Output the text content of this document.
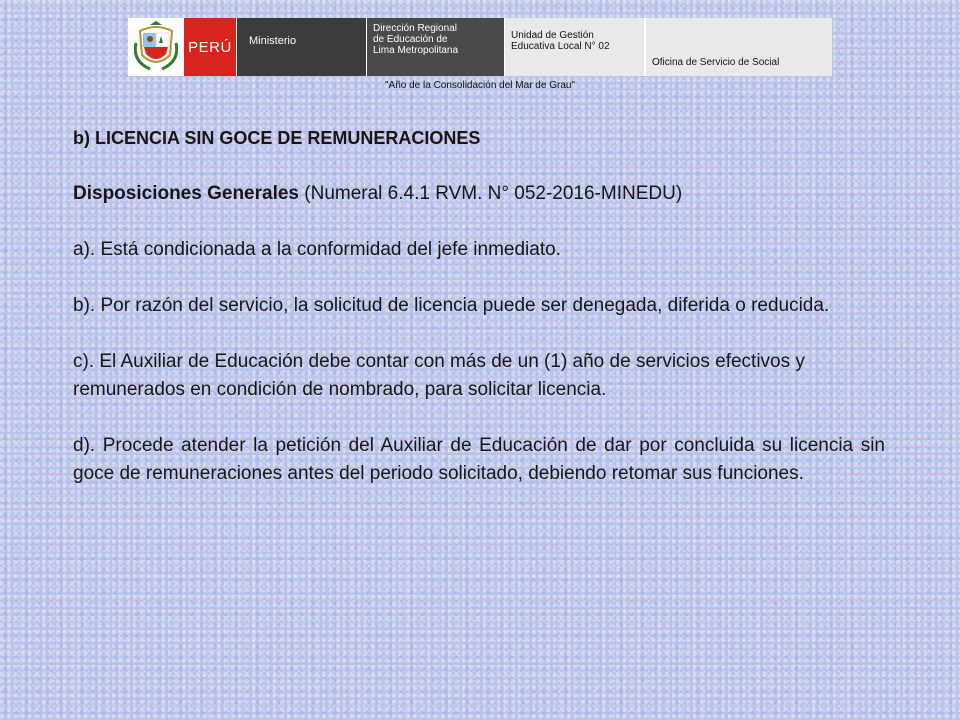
PERÚ	Ministerio
Dirección Regional
de Educación de
Lima Metropolitana
Unidad de Gestión
Educativa Local N° 02
Oficina de Servicio de Social
"Año de la Consolidación del Mar de Grau"

b) LICENCIA SIN GOCE DE REMUNERACIONES

Disposiciones Generales (Numeral 6.4.1 RVM. N° 052-2016-MINEDU)

a). Está condicionada a la conformidad del jefe inmediato.

b). Por razón del servicio, la solicitud de licencia puede ser denegada, diferida o reducida.

c). El Auxiliar de Educación debe contar con más de un (1) año de servicios efectivos y remunerados en condición de nombrado, para solicitar licencia.

d). Procede atender la petición del Auxiliar de Educación de dar por concluida su licencia sin goce de remuneraciones antes del periodo solicitado, debiendo retomar sus funciones.
